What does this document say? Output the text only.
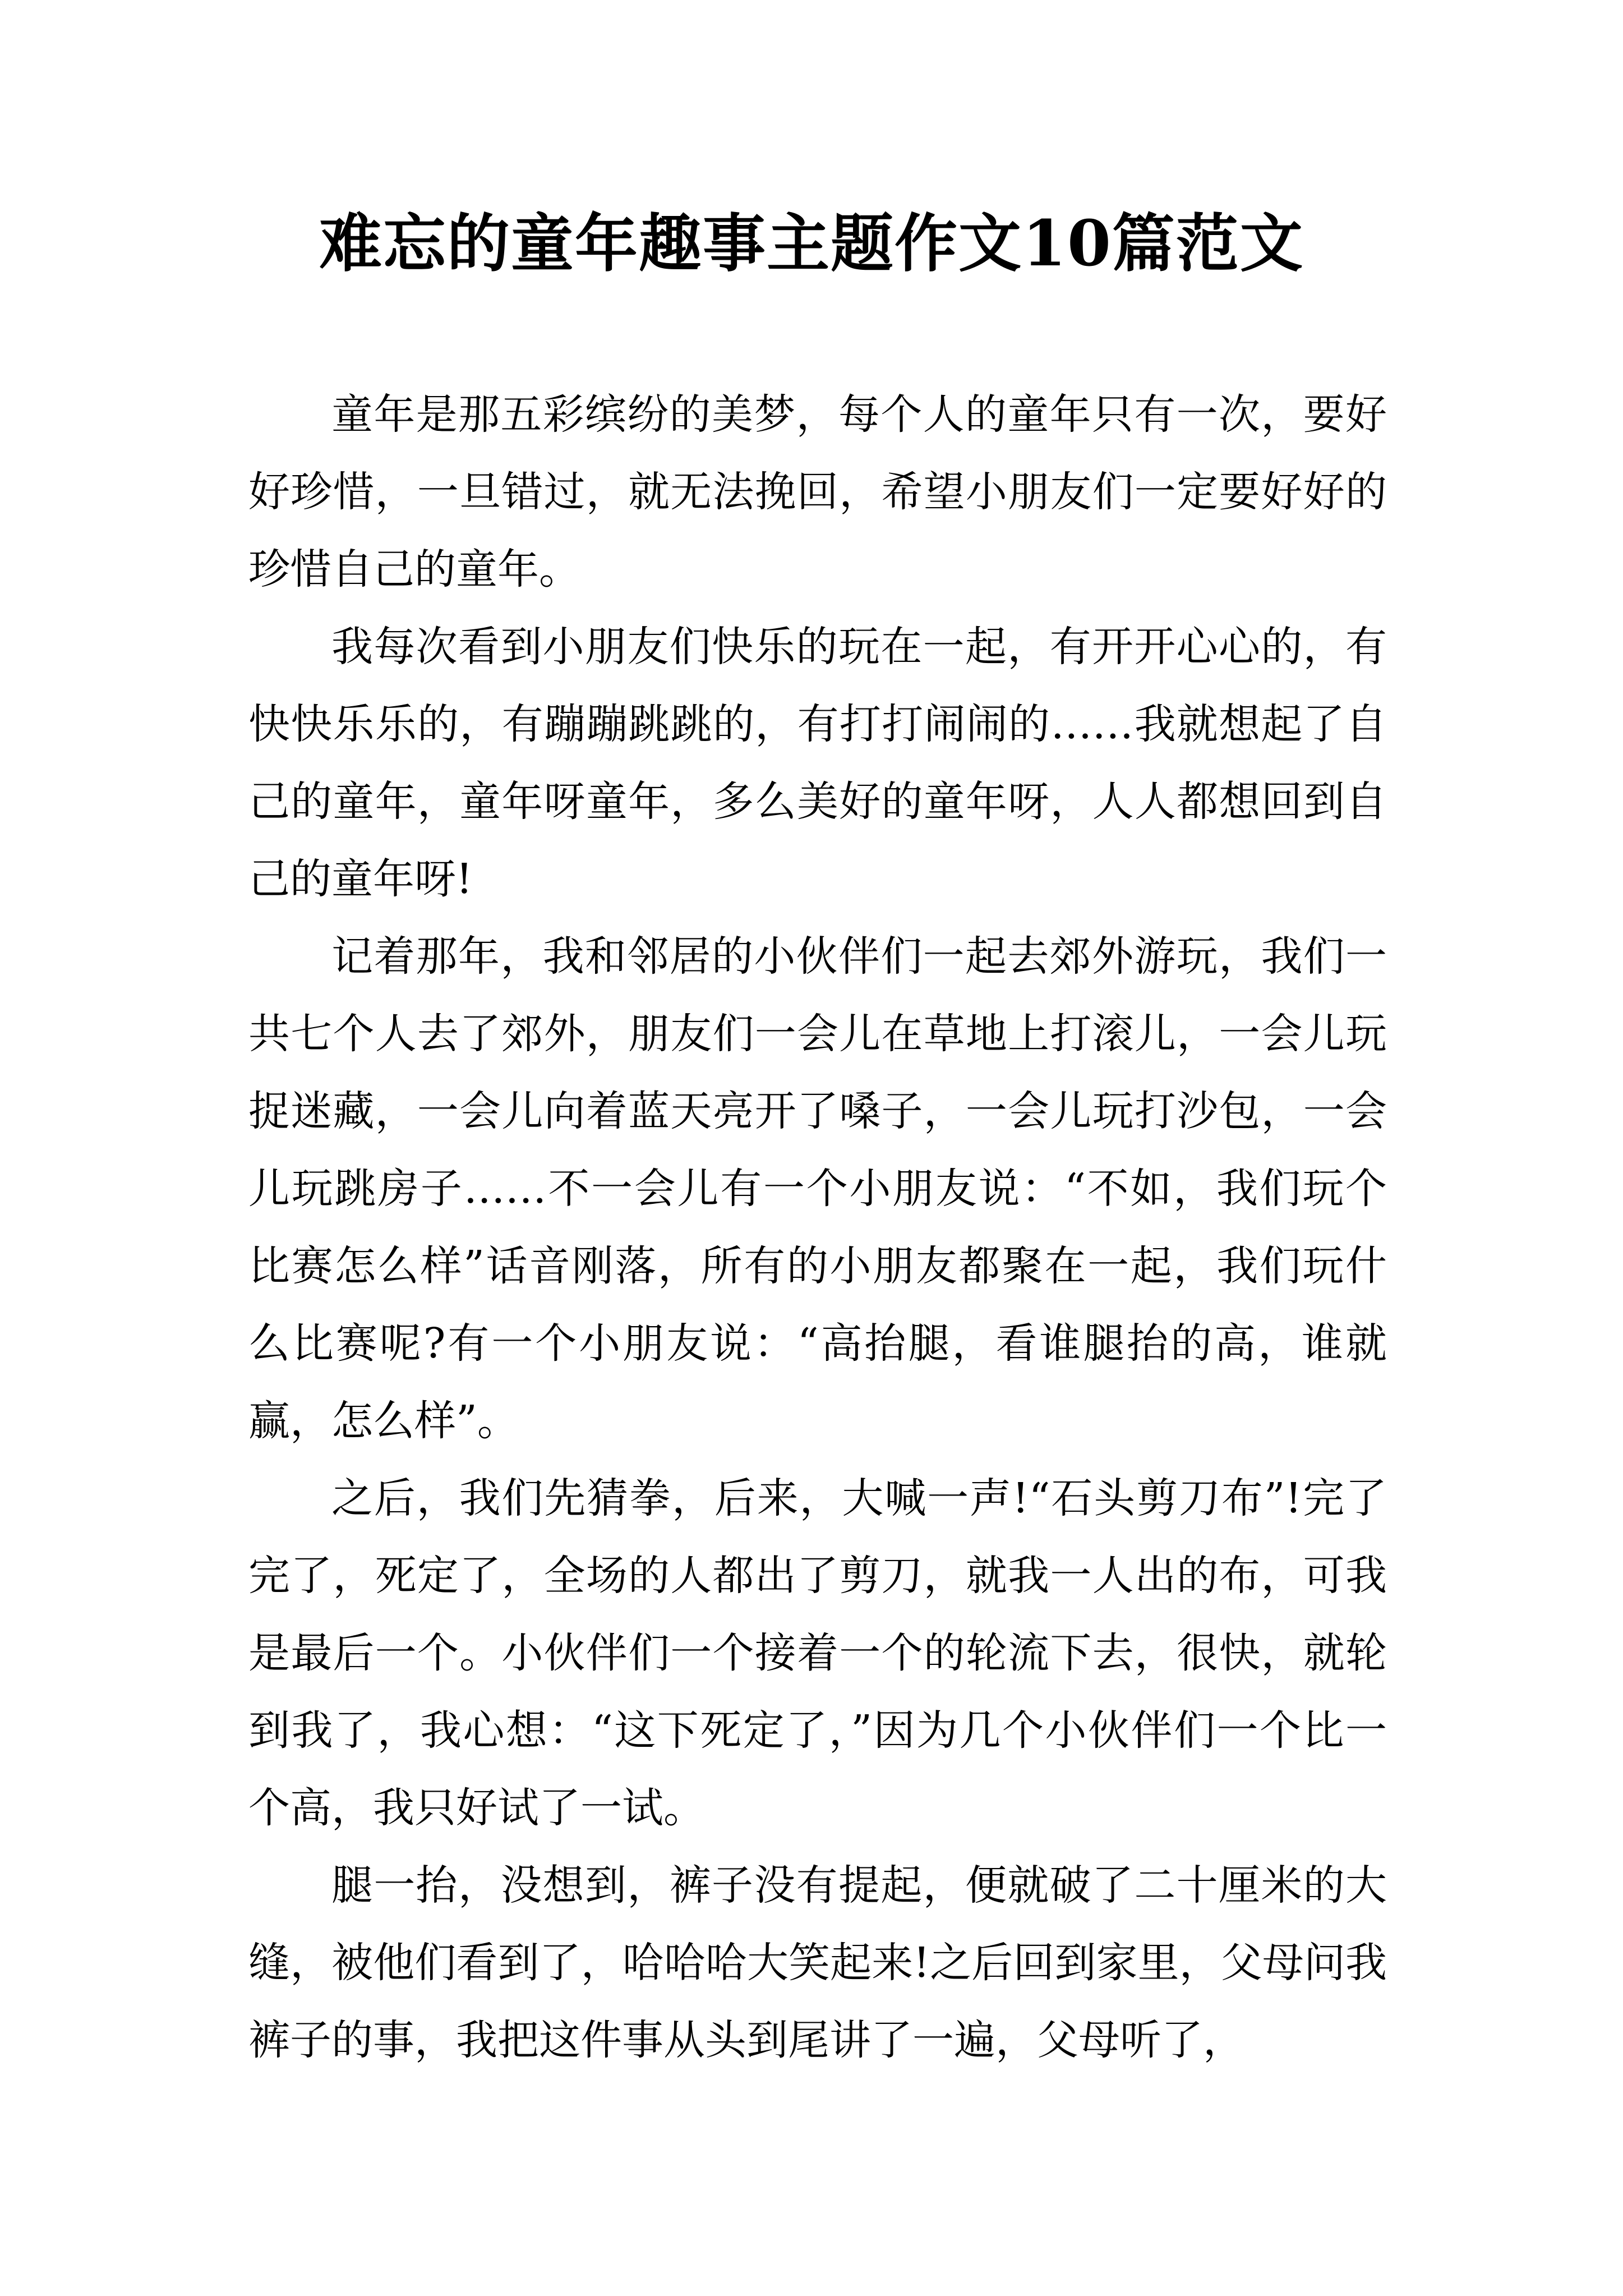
难忘的童年趣事主题作文10篇范文

童年是那五彩缤纷的美梦，每个人的童年只有一次，要好好珍惜，一旦错过，就无法挽回，希望小朋友们一定要好好的珍惜自己的童年。

我每次看到小朋友们快乐的玩在一起，有开开心心的，有快快乐乐的，有蹦蹦跳跳的，有打打闹闹的……我就想起了自己的童年，童年呀童年，多么美好的童年呀，人人都想回到自己的童年呀!

记着那年，我和邻居的小伙伴们一起去郊外游玩，我们一共七个人去了郊外，朋友们一会儿在草地上打滚儿，一会儿玩捉迷藏，一会儿向着蓝天亮开了嗓子，一会儿玩打沙包，一会儿玩跳房子……不一会儿有一个小朋友说：“不如，我们玩个比赛怎么样”话音刚落，所有的小朋友都聚在一起，我们玩什么比赛呢?有一个小朋友说：“高抬腿，看谁腿抬的高，谁就赢，怎么样”。

之后，我们先猜拳，后来，大喊一声!“石头剪刀布”!完了完了，死定了，全场的人都出了剪刀，就我一人出的布，可我是最后一个。小伙伴们一个接着一个的轮流下去，很快，就轮到我了，我心想：“这下死定了，”因为几个小伙伴们一个比一个高，我只好试了一试。

腿一抬，没想到，裤子没有提起，便就破了二十厘米的大缝，被他们看到了，哈哈哈大笑起来!之后回到家里，父母问我裤子的事，我把这件事从头到尾讲了一遍，父母听了，
